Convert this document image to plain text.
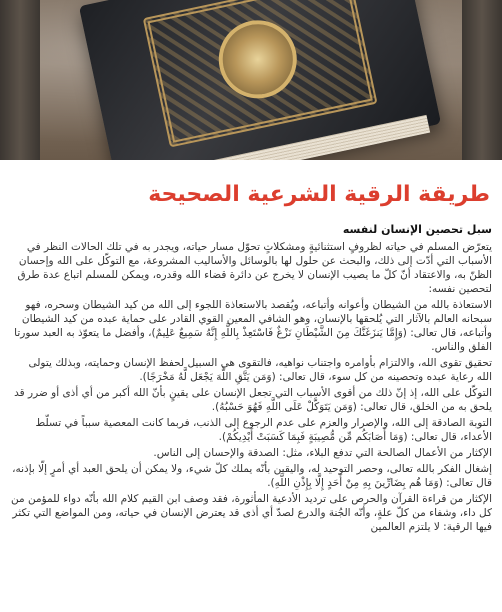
طريقة الرقية الشرعية الصحيحة
سبل تحصين الإنسان لنفسه

يتعرّض المسلم في حياته لظروفٍ استثنائيةٍ ومشكلاتٍ تحوّل مسار حياته، ويجدر به في تلك الحالات النظر في الأسباب التي أدّت إلى ذلك، والبحث عن حلول لها بالوسائل والأساليب المشروعة، مع التوكّل على الله وإحسان الظنّ به، والاعتقاد أنّ كلّ ما يصيب الإنسان لا يخرج عن دائرة قضاء الله وقدره، ويمكن للمسلم اتباع عدة طرق لتحصين نفسه:

الاستعاذة بالله من الشيطان وأعوانه وأتباعه، ويُقصد بالاستعاذة اللجوء إلى الله من كيد الشيطان وسحره، فهو سبحانه العالم بالآثار التي يُلحقها بالإنسان، وهو الشافي المعين القوي القادر على حماية عبده من كيد الشيطان وأتباعه، قال تعالى: (وَإِمَّا يَنزَغَنَّكَ مِنَ الشَّيْطَانِ نَزْغٌ فَاسْتَعِذْ بِاللَّهِ إِنَّهُ سَمِيعٌ عَلِيمٌ)، وأفضل ما يتعوّذ به العبد سورتا الفلق والناس.

تحقيق تقوى الله، والالتزام بأوامره واجتناب نواهيه، فالتقوى هي السبيل لحفظ الإنسان وحمايته، وبذلك يتولى الله رعاية عبده وتحصينه من كل سوء، قال تعالى: (وَمَن يَتَّقِ اللَّهَ يَجْعَل لَّهُ مَخْرَجًا).

التوكّل على الله، إذ إنّ ذلك من أقوى الأسباب التي تجعل الإنسان على يقينٍ بأنّ الله أكبر من أي أذى أو ضرر قد يلحق به من الخلق، قال تعالى: (وَمَن يَتَوَكَّلْ عَلَى اللَّهِ فَهُوَ حَسْبُهُ).

التوبة الصادقة إلى الله، والإصرار والعزم على عدم الرجوع إلى الذنب، فربما كانت المعصية سبباً في تسلّط الأعداء، قال تعالى: (وَمَا أَصَابَكُم مِّن مُّصِيبَةٍ فَبِمَا كَسَبَتْ أَيْدِيكُمْ).

الإكثار من الأعمال الصالحة التي تدفع البلاء، مثل: الصدقة والإحسان إلى الناس.

إشغال الفكر بالله تعالى، وحصر التوحيد له، واليقين بأنّه يملك كلّ شيء، ولا يمكن أن يلحق العبد أي أمرٍ إلّا بإذنه، قال تعالى: (وَمَا هُم بِضَارِّينَ بِهِ مِنْ أَحَدٍ إِلَّا بِإِذْنِ اللَّهِ).

الإكثار من قراءة القرآن والحرص على ترديد الأدعية المأثورة، فقد وصف ابن القيم كلام الله بأنّه دواء للمؤمن من كل داء، وشفاء من كلّ علةٍ، وأنّه الجُنة والدرع لصدّ أي أذى قد يعترض الإنسان في حياته، ومن المواضع التي تكثر فيها الرقية: لا يلتزم العالمين
